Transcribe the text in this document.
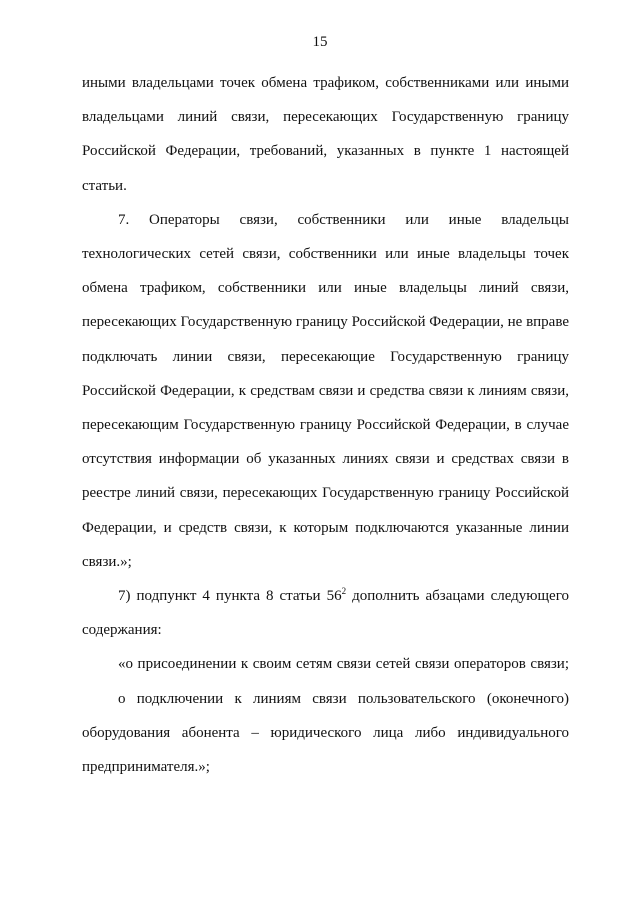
15

иными владельцами точек обмена трафиком, собственниками или иными владельцами линий связи, пересекающих Государственную границу Российской Федерации, требований, указанных в пункте 1 настоящей статьи.

7. Операторы связи, собственники или иные владельцы технологических сетей связи, собственники или иные владельцы точек обмена трафиком, собственники или иные владельцы линий связи, пересекающих Государственную границу Российской Федерации, не вправе подключать линии связи, пересекающие Государственную границу Российской Федерации, к средствам связи и средства связи к линиям связи, пересекающим Государственную границу Российской Федерации, в случае отсутствия информации об указанных линиях связи и средствах связи в реестре линий связи, пересекающих Государственную границу Российской Федерации, и средств связи, к которым подключаются указанные линии связи.»;

7) подпункт 4 пункта 8 статьи $56^2$ дополнить абзацами следующего содержания:

«о присоединении к своим сетям связи сетей связи операторов связи;

о подключении к линиям связи пользовательского (оконечного) оборудования абонента – юридического лица либо индивидуального предпринимателя.»;
